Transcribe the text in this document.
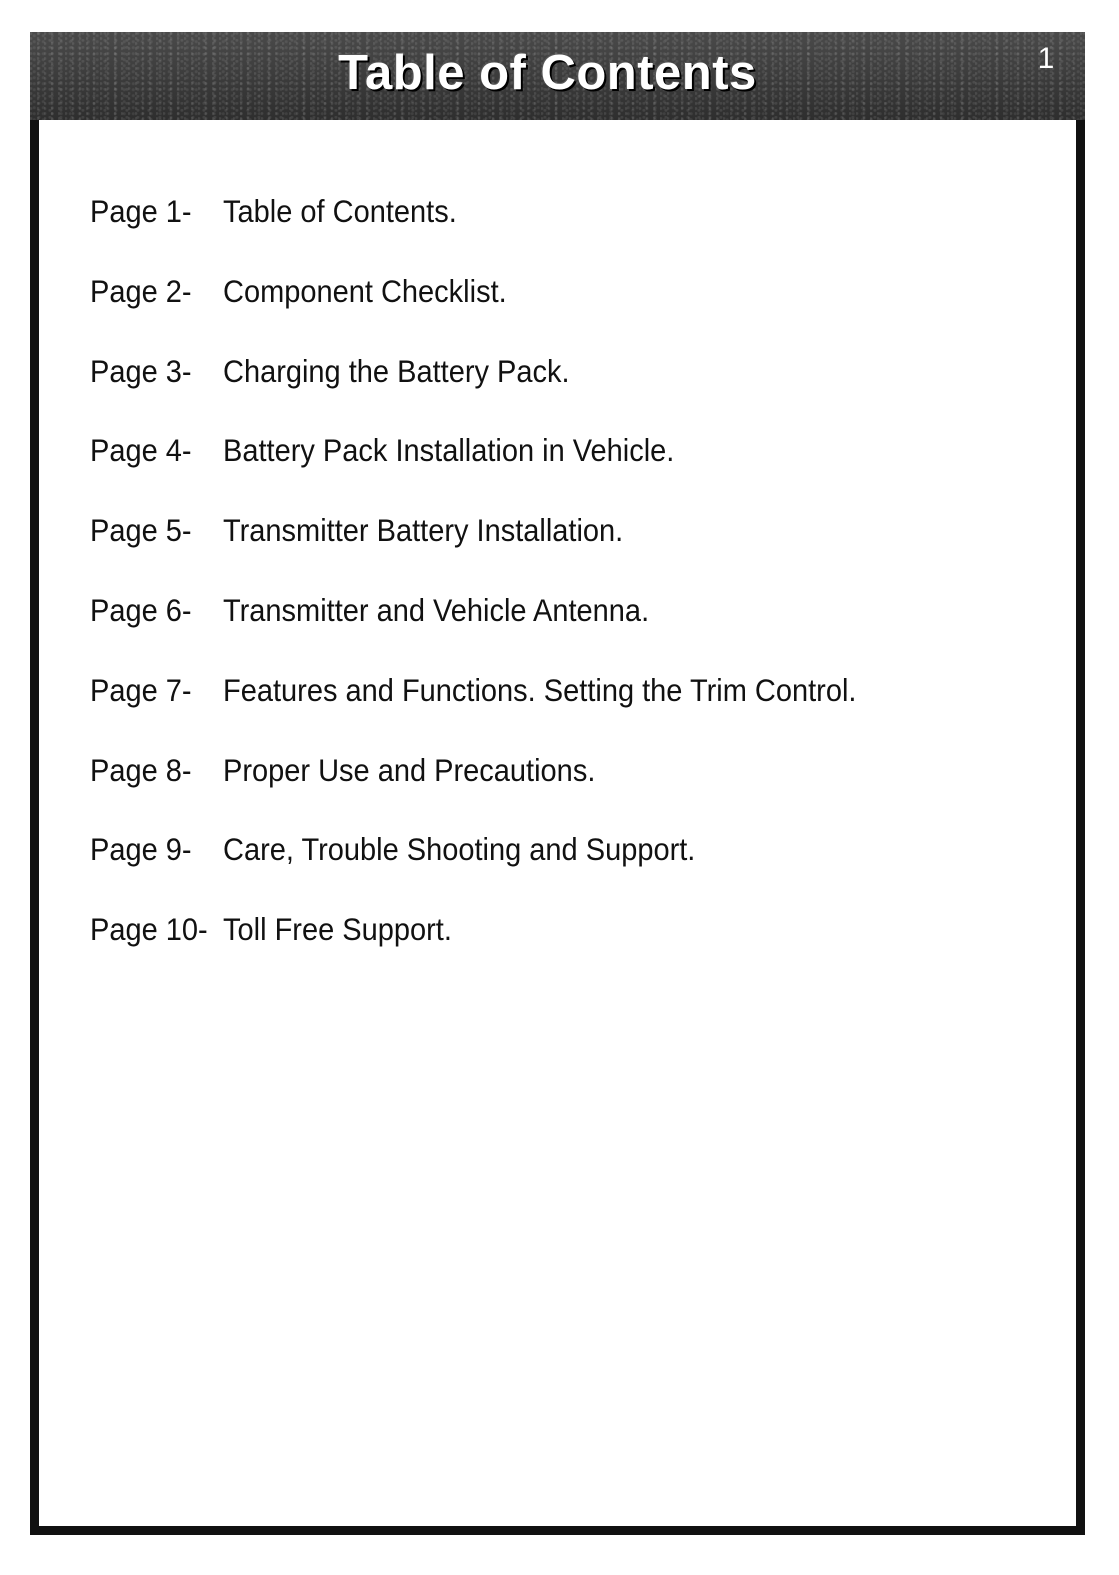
Table of Contents	1
Page 1-	Table of Contents.
Page 2-	Component Checklist.
Page 3-	Charging the Battery Pack.
Page 4-	Battery Pack Installation in Vehicle.
Page 5-	Transmitter Battery Installation.
Page 6-	Transmitter and Vehicle Antenna.
Page 7-	Features and Functions. Setting the Trim Control.
Page 8-	Proper Use and Precautions.
Page 9-	Care, Trouble Shooting and Support.
Page 10- Toll Free Support.
